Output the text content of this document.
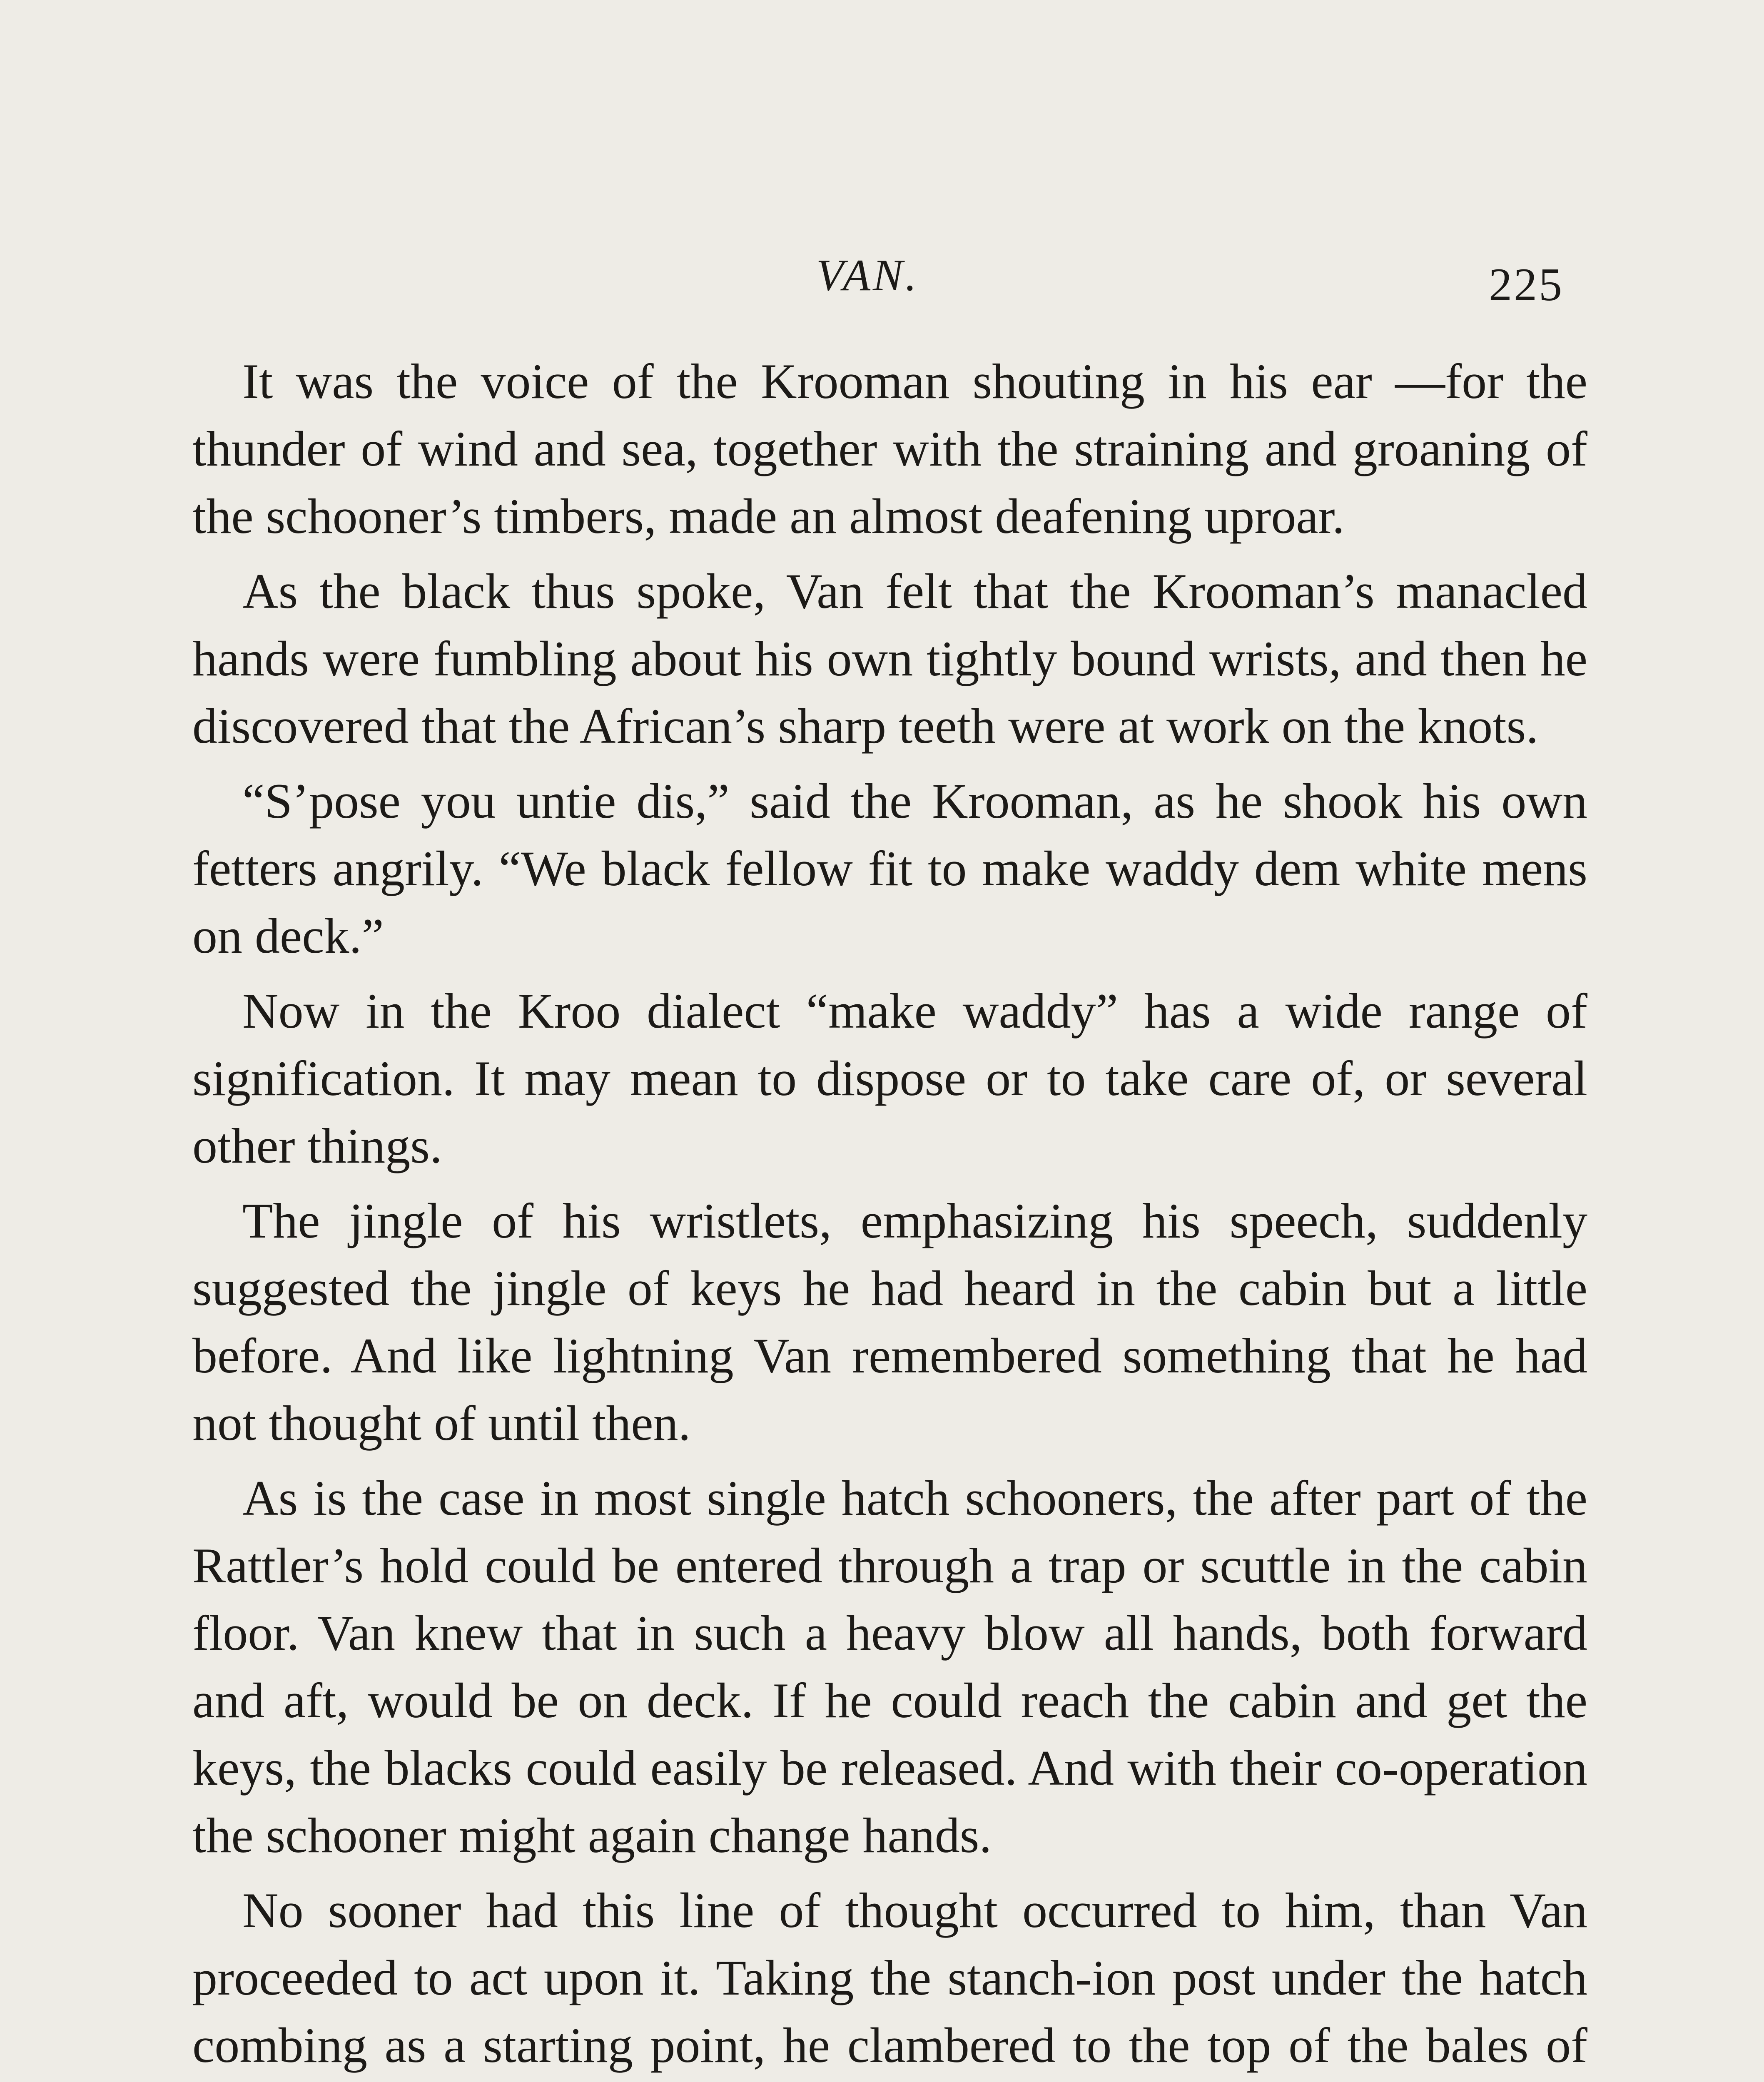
VAN.	225

It was the voice of the Krooman shouting in his ear —for the thunder of wind and sea, together with the straining and groaning of the schooner’s timbers, made an almost deafening uproar.

As the black thus spoke, Van felt that the Krooman’s manacled hands were fumbling about his own tightly bound wrists, and then he discovered that the African’s sharp teeth were at work on the knots.

“S’pose you untie dis,” said the Krooman, as he shook his own fetters angrily. “We black fellow fit to make waddy dem white mens on deck.”

Now in the Kroo dialect “make waddy” has a wide range of signification. It may mean to dispose or to take care of, or several other things.

The jingle of his wristlets, emphasizing his speech, suddenly suggested the jingle of keys he had heard in the cabin but a little before. And like lightning Van remembered something that he had not thought of until then.

As is the case in most single hatch schooners, the after part of the Rattler’s hold could be entered through a trap or scuttle in the cabin floor. Van knew that in such a heavy blow all hands, both forward and aft, would be on deck. If he could reach the cabin and get the keys, the blacks could easily be released. And with their co-operation the schooner might again change hands.

No sooner had this line of thought occurred to him, than Van proceeded to act upon it. Taking the stanch-ion post under the hatch combing as a starting point, he clambered to the top of the bales of
